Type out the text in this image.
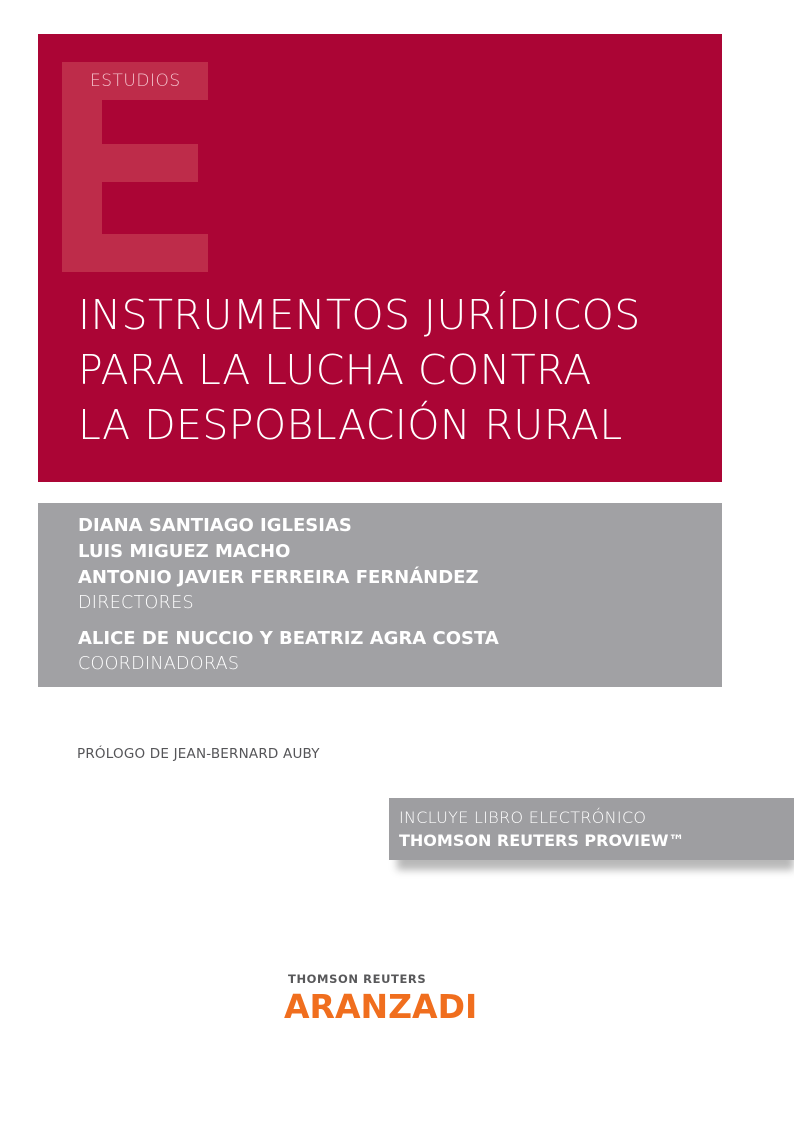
ESTUDIOS
INSTRUMENTOS JURÍDICOS
PARA LA LUCHA CONTRA
LA DESPOBLACIÓN RURAL
DIANA SANTIAGO IGLESIAS
LUIS MIGUEZ MACHO
ANTONIO JAVIER FERREIRA FERNÁNDEZ
DIRECTORES
ALICE DE NUCCIO Y BEATRIZ AGRA COSTA
COORDINADORAS
PRÓLOGO DE JEAN-BERNARD AUBY
INCLUYE LIBRO ELECTRÓNICO
THOMSON REUTERS PROVIEW™
THOMSON REUTERS
ARANZADI
